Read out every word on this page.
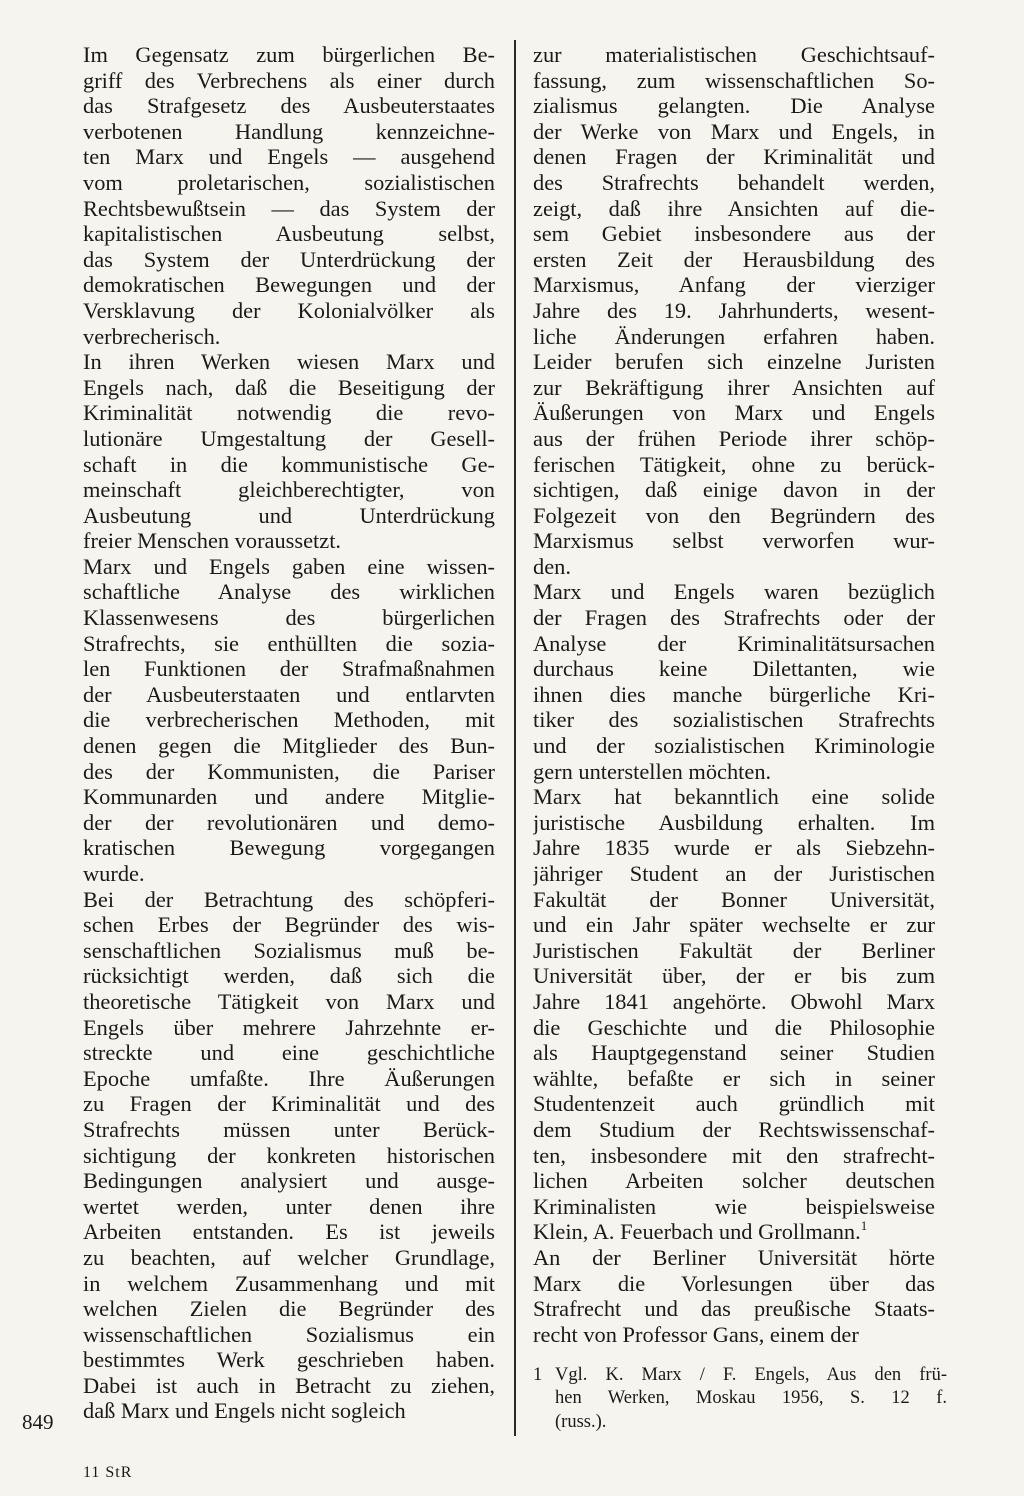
Im Gegensatz zum bürgerlichen Be-
griff des Verbrechens als einer durch
das Strafgesetz des Ausbeuterstaates
verbotenen Handlung kennzeichne-
ten Marx und Engels — ausgehend
vom proletarischen, sozialistischen
Rechtsbewußtsein — das System der
kapitalistischen Ausbeutung selbst,
das System der Unterdrückung der
demokratischen Bewegungen und der
Versklavung der Kolonialvölker als
verbrecherisch.
In ihren Werken wiesen Marx und
Engels nach, daß die Beseitigung der
Kriminalität notwendig die revo-
lutionäre Umgestaltung der Gesell-
schaft in die kommunistische Ge-
meinschaft gleichberechtigter, von
Ausbeutung und Unterdrückung
freier Menschen voraussetzt.
Marx und Engels gaben eine wissen-
schaftliche Analyse des wirklichen
Klassenwesens des bürgerlichen
Strafrechts, sie enthüllten die sozia-
len Funktionen der Strafmaßnahmen
der Ausbeuterstaaten und entlarvten
die verbrecherischen Methoden, mit
denen gegen die Mitglieder des Bun-
des der Kommunisten, die Pariser
Kommunarden und andere Mitglie-
der der revolutionären und demo-
kratischen Bewegung vorgegangen
wurde.
Bei der Betrachtung des schöpferi-
schen Erbes der Begründer des wis-
senschaftlichen Sozialismus muß be-
rücksichtigt werden, daß sich die
theoretische Tätigkeit von Marx und
Engels über mehrere Jahrzehnte er-
streckte und eine geschichtliche
Epoche umfaßte. Ihre Äußerungen
zu Fragen der Kriminalität und des
Strafrechts müssen unter Berück-
sichtigung der konkreten historischen
Bedingungen analysiert und ausge-
wertet werden, unter denen ihre
Arbeiten entstanden. Es ist jeweils
zu beachten, auf welcher Grundlage,
in welchem Zusammenhang und mit
welchen Zielen die Begründer des
wissenschaftlichen Sozialismus ein
bestimmtes Werk geschrieben haben.
Dabei ist auch in Betracht zu ziehen,
daß Marx und Engels nicht sogleich
zur materialistischen Geschichtsauf-
fassung, zum wissenschaftlichen So-
zialismus gelangten. Die Analyse
der Werke von Marx und Engels, in
denen Fragen der Kriminalität und
des Strafrechts behandelt werden,
zeigt, daß ihre Ansichten auf die-
sem Gebiet insbesondere aus der
ersten Zeit der Herausbildung des
Marxismus, Anfang der vierziger
Jahre des 19. Jahrhunderts, wesent-
liche Änderungen erfahren haben.
Leider berufen sich einzelne Juristen
zur Bekräftigung ihrer Ansichten auf
Äußerungen von Marx und Engels
aus der frühen Periode ihrer schöp-
ferischen Tätigkeit, ohne zu berück-
sichtigen, daß einige davon in der
Folgezeit von den Begründern des
Marxismus selbst verworfen wur-
den.
Marx und Engels waren bezüglich
der Fragen des Strafrechts oder der
Analyse der Kriminalitätsursachen
durchaus keine Dilettanten, wie
ihnen dies manche bürgerliche Kri-
tiker des sozialistischen Strafrechts
und der sozialistischen Kriminologie
gern unterstellen möchten.
Marx hat bekanntlich eine solide
juristische Ausbildung erhalten. Im
Jahre 1835 wurde er als Siebzehn-
jähriger Student an der Juristischen
Fakultät der Bonner Universität,
und ein Jahr später wechselte er zur
Juristischen Fakultät der Berliner
Universität über, der er bis zum
Jahre 1841 angehörte. Obwohl Marx
die Geschichte und die Philosophie
als Hauptgegenstand seiner Studien
wählte, befaßte er sich in seiner
Studentenzeit auch gründlich mit
dem Studium der Rechtswissenschaf-
ten, insbesondere mit den strafrecht-
lichen Arbeiten solcher deutschen
Kriminalisten wie beispielsweise
Klein, A. Feuerbach und Grollmann.$^1$
An der Berliner Universität hörte
Marx die Vorlesungen über das
Strafrecht und das preußische Staats-
recht von Professor Gans, einem der
1 Vgl. K. Marx / F. Engels, Aus den frü-
hen Werken, Moskau 1956, S. 12 f.
(russ.).
849
11 StR
